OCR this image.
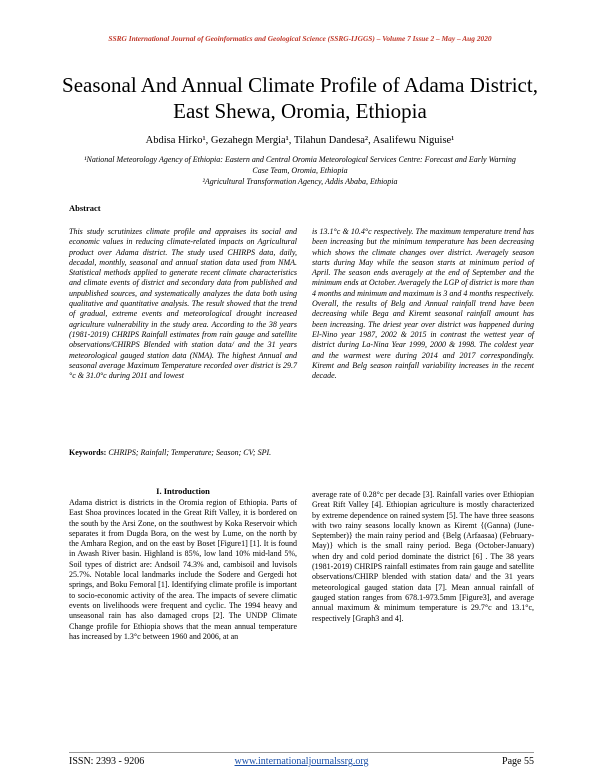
SSRG International Journal of Geoinformatics and Geological Science (SSRG-IJGGS) – Volume 7 Issue 2 – May – Aug 2020
Seasonal And Annual Climate Profile of Adama District, East Shewa, Oromia, Ethiopia
Abdisa Hirko¹, Gezahegn Mergia¹, Tilahun Dandesa², Asalifewu Niguise¹
¹National Meteorology Agency of Ethiopia: Eastern and Central Oromia Meteorological Services Centre: Forecast and Early Warning Case Team, Oromia, Ethiopia
²Agricultural Transformation Agency, Addis Ababa, Ethiopia
Abstract
This study scrutinizes climate profile and appraises its social and economic values in reducing climate-related impacts on Agricultural product over Adama district. The study used CHIRPS data, daily, decadal, monthly, seasonal and annual station data used from NMA. Statistical methods applied to generate recent climate characteristics and climate events of district and secondary data from published and unpublished sources, and systematically analyzes the data both using qualitative and quantitative analysis. The result showed that the trend of gradual, extreme events and meteorological drought increased agriculture vulnerability in the study area. According to the 38 years (1981-2019) CHRIPS Rainfall estimates from rain gauge and satellite observations/CHIRPS Blended with station data/ and the 31 years meteorological gauged station data (NMA). The highest Annual and seasonal average Maximum Temperature recorded over district is 29.7 °c & 31.0°c during 2011 and lowest
is 13.1°c & 10.4°c respectively. The maximum temperature trend has been increasing but the minimum temperature has been decreasing which shows the climate changes over district. Averagely season starts during May while the season starts at minimum period of April. The season ends averagely at the end of September and the minimum ends at October. Averagely the LGP of district is more than 4 months and minimum and maximum is 3 and 4 months respectively. Overall, the results of Belg and Annual rainfall trend have been decreasing while Bega and Kiremt seasonal rainfall amount has been increasing. The driest year over district was happened during El-Nino year 1987, 2002 & 2015 in contrast the wettest year of district during La-Nina Year 1999, 2000 & 1998. The coldest year and the warmest were during 2014 and 2017 correspondingly. Kiremt and Belg season rainfall variability increases in the recent decade.
Keywords: CHRIPS; Rainfall; Temperature; Season; CV; SPI.
I. Introduction
Adama district is districts in the Oromia region of Ethiopia. Parts of East Shoa provinces located in the Great Rift Valley, it is bordered on the south by the Arsi Zone, on the southwest by Koka Reservoir which separates it from Dugda Bora, on the west by Lume, on the north by the Amhara Region, and on the east by Boset [Figure1] [1]. It is found in Awash River basin. Highland is 85%, low land 10% mid-land 5%, Soil types of district are: Andsoil 74.3% and, cambisoil and luvisols 25.7%. Notable local landmarks include the Sodere and Gergedi hot springs, and Boku Femoral [1]. Identifying climate profile is important to socio-economic activity of the area. The impacts of severe climatic events on livelihoods were frequent and cyclic. The 1994 heavy and unseasonal rain has also damaged crops [2]. The UNDP Climate Change profile for Ethiopia shows that the mean annual temperature has increased by 1.3°c between 1960 and 2006, at an
average rate of 0.28°c per decade [3]. Rainfall varies over Ethiopian Great Rift Valley [4]. Ethiopian agriculture is mostly characterized by extreme dependence on rained system [5]. The have three seasons with two rainy seasons locally known as Kiremt {(Ganna) (June-September)} the main rainy period and {Belg (Arfaasaa) (February-May)} which is the small rainy period. Bega (October-January) when dry and cold period dominate the district [6] . The 38 years (1981-2019) CHRIPS rainfall estimates from rain gauge and satellite observations/CHIRP blended with station data/ and the 31 years meteorological gauged station data [7]. Mean annual rainfall of gauged station ranges from 678.1-973.5mm [Figure3], and average annual maximum & minimum temperature is 29.7°c and 13.1°c, respectively [Graph3 and 4].
ISSN: 2393 - 9206	www.internationaljournalssrg.org	Page 55
